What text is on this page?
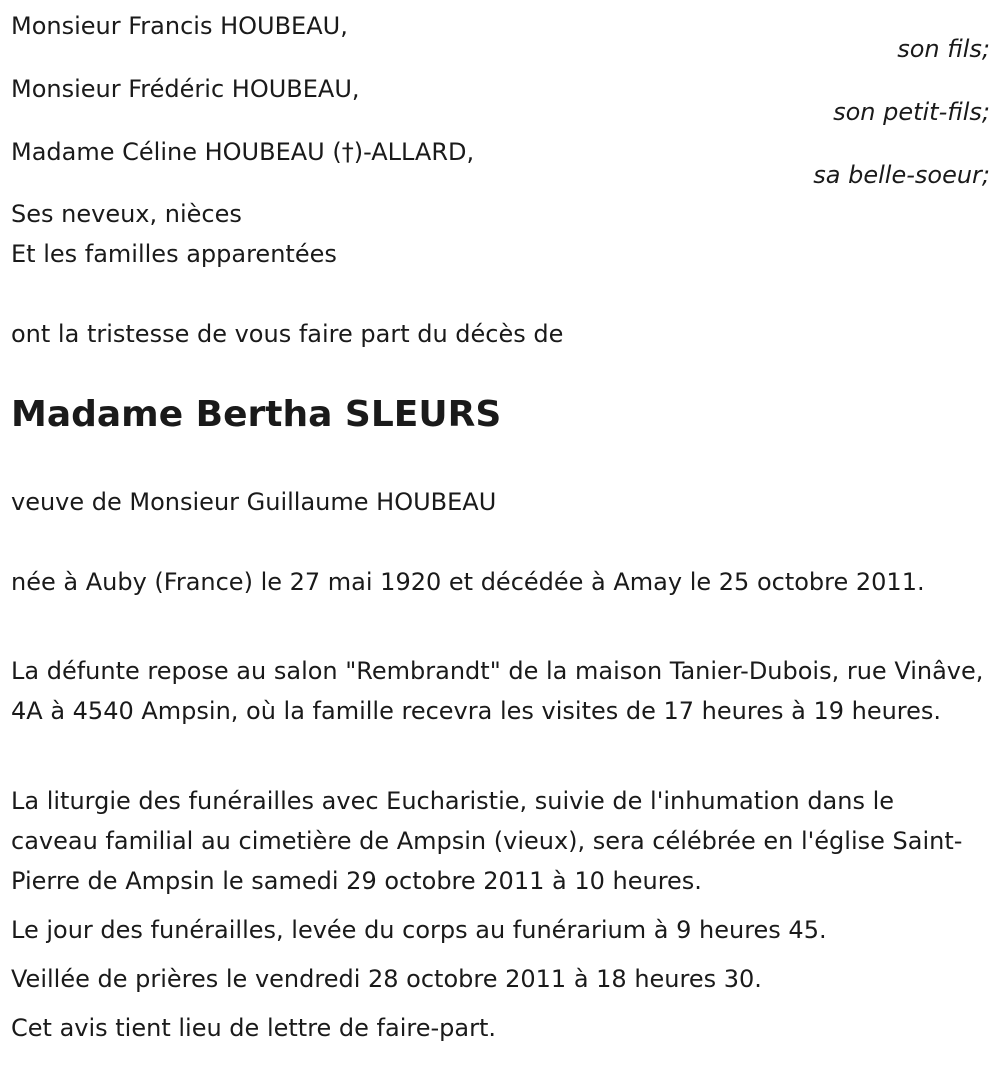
Monsieur Francis HOUBEAU,
son fils;
Monsieur Frédéric HOUBEAU,
son petit-fils;
Madame Céline HOUBEAU (†)-ALLARD,
sa belle-soeur;
Ses neveux, nièces
Et les familles apparentées
ont la tristesse de vous faire part du décès de
Madame Bertha SLEURS
veuve de Monsieur Guillaume HOUBEAU

née à Auby (France) le 27 mai 1920 et décédée à Amay le 25 octobre 2011.

La défunte repose au salon "Rembrandt" de la maison Tanier-Dubois, rue Vinâve, 4A à 4540 Ampsin, où la famille recevra les visites de 17 heures à 19 heures.

La liturgie des funérailles avec Eucharistie, suivie de l'inhumation dans le caveau familial au cimetière de Ampsin (vieux), sera célébrée en l'église Saint-Pierre de Ampsin le samedi 29 octobre 2011 à 10 heures.

Le jour des funérailles, levée du corps au funérarium à 9 heures 45.

Veillée de prières le vendredi 28 octobre 2011 à 18 heures 30.

Cet avis tient lieu de lettre de faire-part.
